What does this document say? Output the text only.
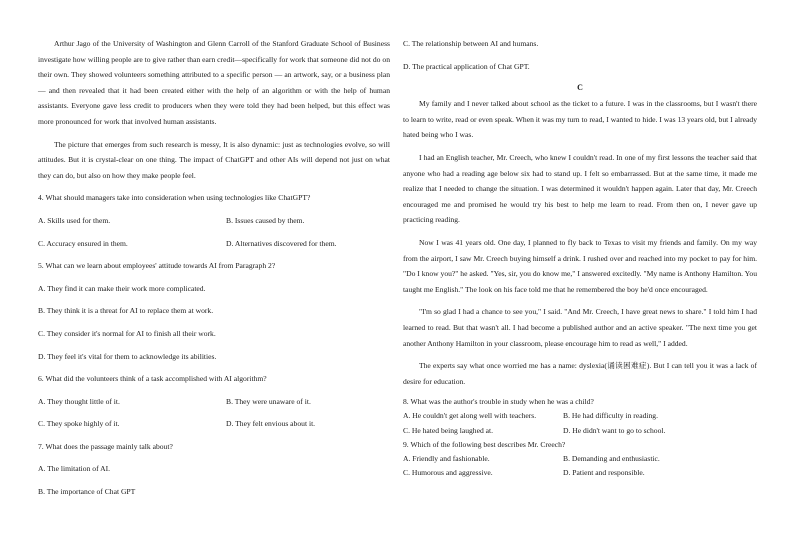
Arthur Jago of the University of Washington and Glenn Carroll of the Stanford Graduate School of Business investigate how willing people are to give rather than earn credit—specifically for work that someone did not do on their own. They showed volunteers something attributed to a specific person — an artwork, say, or a business plan — and then revealed that it had been created either with the help of an algorithm or with the help of human assistants. Everyone gave less credit to producers when they were told they had been helped, but this effect was more pronounced for work that involved human assistants.

The picture that emerges from such research is messy, It is also dynamic: just as technologies evolve, so will attitudes. But it is crystal-clear on one thing. The impact of ChatGPT and other AIs will depend not just on what they can do, but also on how they make people feel.

4. What should managers take into consideration when using technologies like ChatGPT?

A. Skills used for them.	B. Issues caused by them.
C. Accuracy ensured in them.	D. Alternatives discovered for them.

5. What can we learn about employees' attitude towards AI from Paragraph 2?

A. They find it can make their work more complicated.
B. They think it is a threat for AI to replace them at work.
C. They consider it's normal for AI to finish all their work.
D. They feel it's vital for them to acknowledge its abilities.

6. What did the volunteers think of a task accomplished with AI algorithm?

A. They thought little of it.	B. They were unaware of it.
C. They spoke highly of it.	D. They felt envious about it.

7. What does the passage mainly talk about?

A. The limitation of AI.
B. The importance of Chat GPT
C. The relationship between AI and humans.
D. The practical application of Chat GPT.
C

My family and I never talked about school as the ticket to a future. I was in the classrooms, but I wasn't there to learn to write, read or even speak. When it was my turn to read, I wanted to hide. I was 13 years old, but I already hated being who I was.

I had an English teacher, Mr. Creech, who knew I couldn't read. In one of my first lessons the teacher said that anyone who had a reading age below six had to stand up. I felt so embarrassed. But at the same time, it made me realize that I needed to change the situation. I was determined it wouldn't happen again. Later that day, Mr. Creech encouraged me and promised he would try his best to help me learn to read. From then on, I never gave up practicing reading.

Now I was 41 years old. One day, I planned to fly back to Texas to visit my friends and family. On my way from the airport, I saw Mr. Creech buying himself a drink. I rushed over and reached into my pocket to pay for him. "Do I know you?" he asked. "Yes, sir, you do know me," I answered excitedly. "My name is Anthony Hamilton. You taught me English." The look on his face told me that he remembered the boy he'd once encouraged.

"I'm so glad I had a chance to see you," I said. "And Mr. Creech, I have great news to share." I told him I had learned to read. But that wasn't all. I had become a published author and an active speaker. "The next time you get another Anthony Hamilton in your classroom, please encourage him to read as well," I added.

The experts say what once worried me has a name: dyslexia(诵读困难症). But I can tell you it was a lack of desire for education.

8. What was the author's trouble in study when he was a child?

A. He couldn't get along well with teachers.	B. He had difficulty in reading.
C. He hated being laughed at.	D. He didn't want to go to school.

9. Which of the following best describes Mr. Creech?

A. Friendly and fashionable.	B. Demanding and enthusiastic.
C. Humorous and aggressive.	D. Patient and responsible.
